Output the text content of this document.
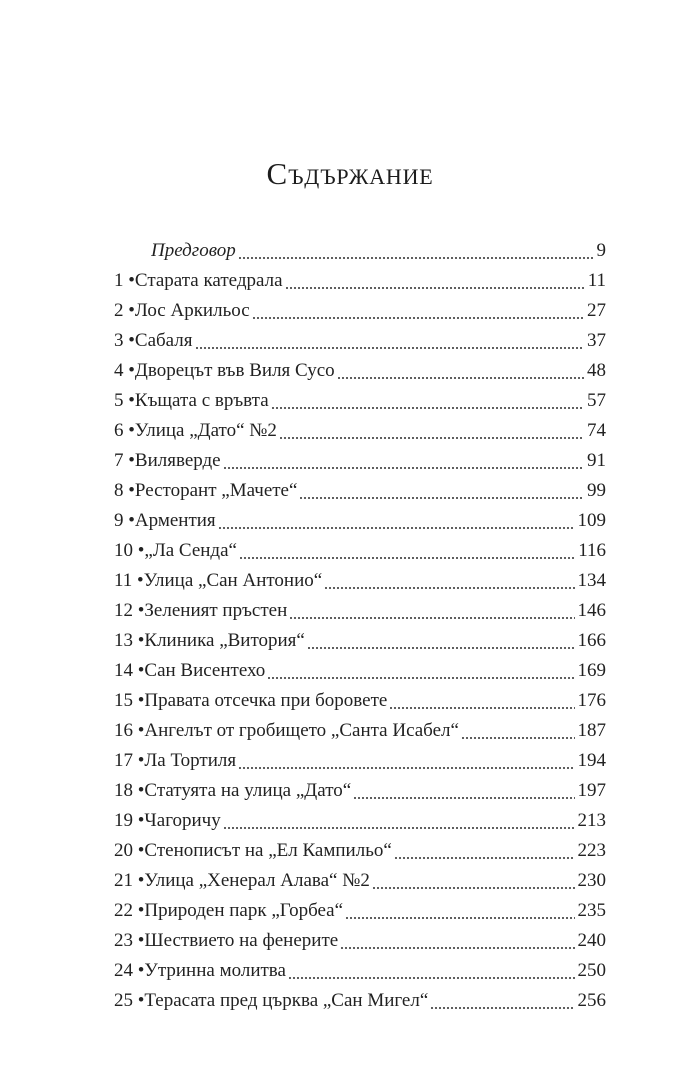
Съдържание
Предговор	9
1 • Старата катедрала	11
2 • Лос Аркильос	27
3 • Сабаля	37
4 • Дворецът във Виля Сусо	48
5 • Къщата с връвта	57
6 • Улица „Дато“ №2	74
7 • Виляверде	91
8 • Ресторант „Мачете“	99
9 • Арментия	109
10 • „Ла Сенда“	116
11 • Улица „Сан Антонио“	134
12 • Зеленият пръстен	146
13 • Клиника „Витория“	166
14 • Сан Висентехо	169
15 • Правата отсечка при боровете	176
16 • Ангелът от гробището „Санта Исабел“	187
17 • Ла Тортиля	194
18 • Статуята на улица „Дато“	197
19 • Чагоричу	213
20 • Стенописът на „Ел Кампильо“	223
21 • Улица „Хенерал Алава“ №2	230
22 • Природен парк „Горбеа“	235
23 • Шествието на фенерите	240
24 • Утринна молитва	250
25 • Терасата пред църква „Сан Мигел“	256
